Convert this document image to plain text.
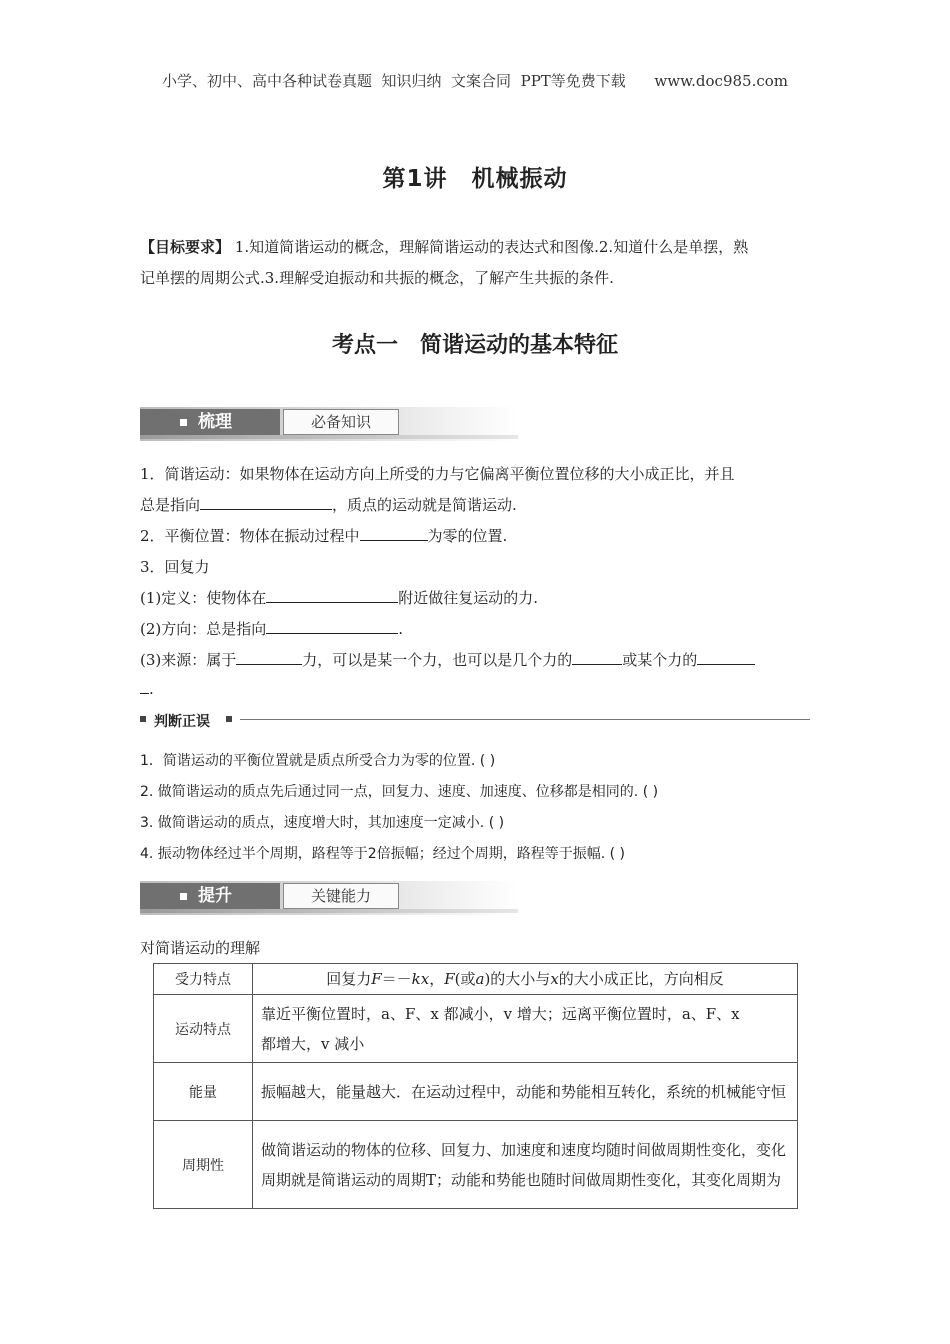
小学、初中、高中各种试卷真题  知识归纳  文案合同  PPT等免费下载 www.doc985.com
第1讲　机械振动
【目标要求】 1.知道简谐运动的概念，理解简谐运动的表达式和图像.2.知道什么是单摆，熟
记单摆的周期公式.3.理解受迫振动和共振的概念，了解产生共振的条件.
考点一　简谐运动的基本特征
梳理	必备知识
1．简谐运动：如果物体在运动方向上所受的力与它偏离平衡位置位移的大小成正比，并且
总是指向	，质点的运动就是简谐运动.
2．平衡位置：物体在振动过程中	为零的位置.
3．回复力
(1)定义：使物体在	附近做往复运动的力.
(2)方向：总是指向	.
(3)来源：属于	力，可以是某一个力，也可以是几个力的	或某个力的
.
判断正误
1．简谐运动的平衡位置就是质点所受合力为零的位置. ( )
2. 做简谐运动的质点先后通过同一点，回复力、速度、加速度、位移都是相同的. ( )
3. 做简谐运动的质点，速度增大时，其加速度一定减小. ( )
4. 振动物体经过半个周期，路程等于2倍振幅；经过个周期，路程等于振幅. ( )
提升	关键能力
对简谐运动的理解
受力特点	回复力F＝－kx，F(或a)的大小与x的大小成正比，方向相反
运动特点	靠近平衡位置时，a、F、x 都减小，v 增大；远离平衡位置时，a、F、x
都增大，v 减小

能量	振幅越大，能量越大．在运动过程中，动能和势能相互转化，系统的机械能守恒
周期性	做简谐运动的物体的位移、回复力、加速度和速度均随时间做周期性变化，变化周期就是简谐运动的周期T；动能和势能也随时间做周期性变化，其变化周期为
